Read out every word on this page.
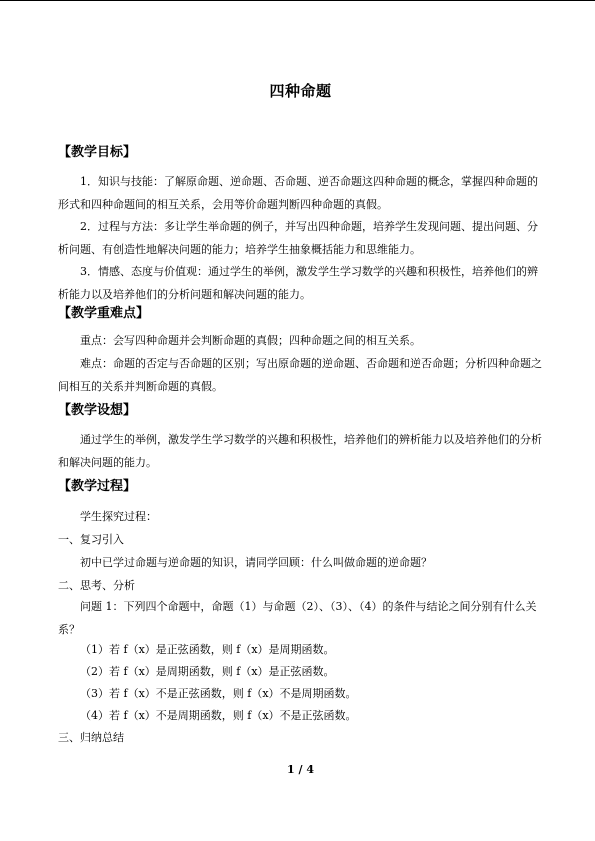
四种命题
【教学目标】
1．知识与技能：了解原命题、逆命题、否命题、逆否命题这四种命题的概念，掌握四种命题的形式和四种命题间的相互关系，会用等价命题判断四种命题的真假。
2．过程与方法：多让学生举命题的例子，并写出四种命题，培养学生发现问题、提出问题、分析问题、有创造性地解决问题的能力；培养学生抽象概括能力和思维能力。
3．情感、态度与价值观：通过学生的举例，激发学生学习数学的兴趣和积极性，培养他们的辨析能力以及培养他们的分析问题和解决问题的能力。
【教学重难点】
重点：会写四种命题并会判断命题的真假；四种命题之间的相互关系。
难点：命题的否定与否命题的区别；写出原命题的逆命题、否命题和逆否命题；分析四种命题之间相互的关系并判断命题的真假。
【教学设想】
通过学生的举例，激发学生学习数学的兴趣和积极性，培养他们的辨析能力以及培养他们的分析和解决问题的能力。
【教学过程】
学生探究过程：
一、复习引入
初中已学过命题与逆命题的知识，请同学回顾：什么叫做命题的逆命题？
二、思考、分析
问题 1：下列四个命题中，命题（1）与命题（2）、（3）、（4）的条件与结论之间分别有什么关系？
（1）若 f（x）是正弦函数，则 f（x）是周期函数。
（2）若 f（x）是周期函数，则 f（x）是正弦函数。
（3）若 f（x）不是正弦函数，则 f（x）不是周期函数。
（4）若 f（x）不是周期函数，则 f（x）不是正弦函数。
三、归纳总结
1 / 4
